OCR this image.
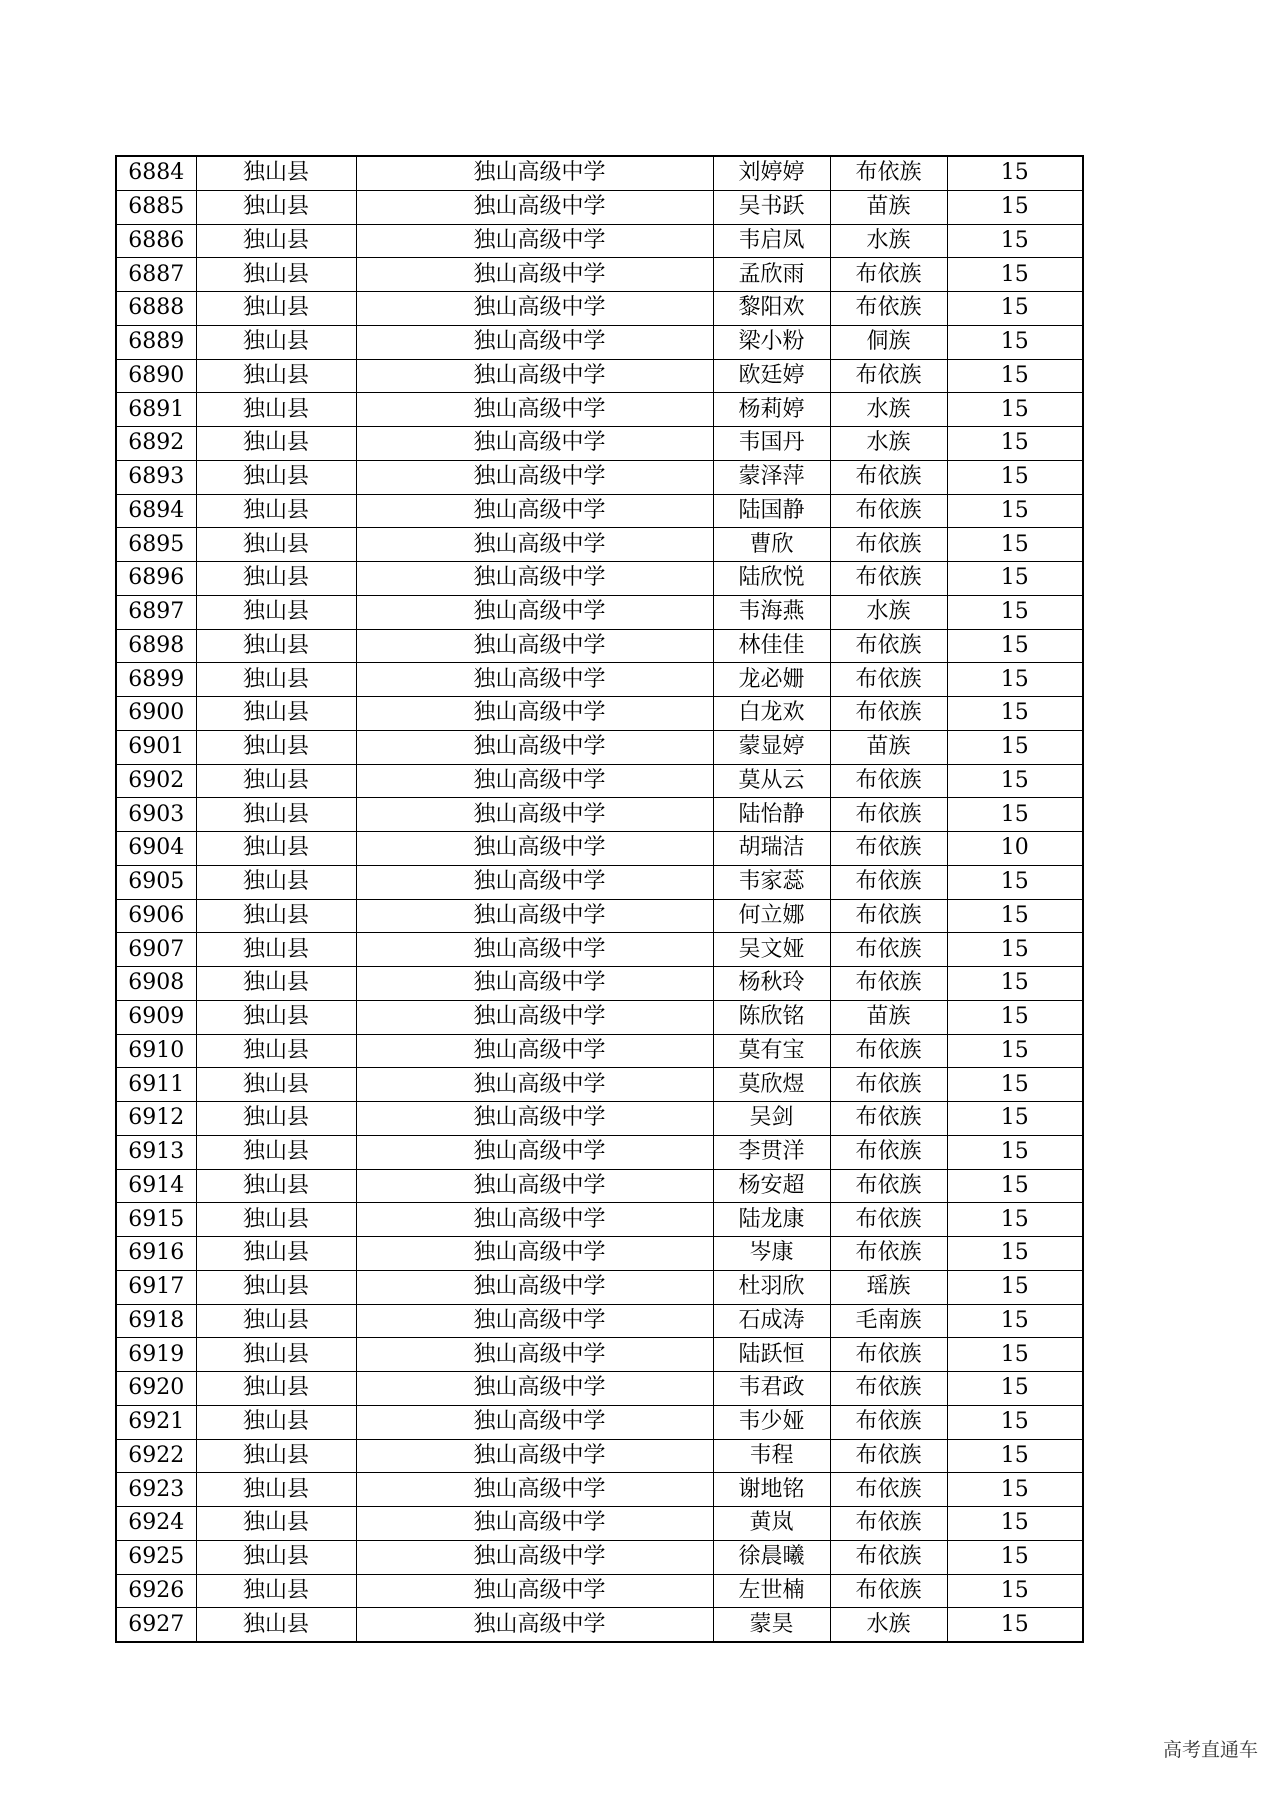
6884	独山县	独山高级中学	刘婷婷	布依族	15
6885	独山县	独山高级中学	吴书跃	苗族	15
6886	独山县	独山高级中学	韦启凤	水族	15
6887	独山县	独山高级中学	孟欣雨	布依族	15
6888	独山县	独山高级中学	黎阳欢	布依族	15
6889	独山县	独山高级中学	梁小粉	侗族	15
6890	独山县	独山高级中学	欧廷婷	布依族	15
6891	独山县	独山高级中学	杨莉婷	水族	15
6892	独山县	独山高级中学	韦国丹	水族	15
6893	独山县	独山高级中学	蒙泽萍	布依族	15
6894	独山县	独山高级中学	陆国静	布依族	15
6895	独山县	独山高级中学	曹欣	布依族	15
6896	独山县	独山高级中学	陆欣悦	布依族	15
6897	独山县	独山高级中学	韦海燕	水族	15
6898	独山县	独山高级中学	林佳佳	布依族	15
6899	独山县	独山高级中学	龙必姗	布依族	15
6900	独山县	独山高级中学	白龙欢	布依族	15
6901	独山县	独山高级中学	蒙显婷	苗族	15
6902	独山县	独山高级中学	莫从云	布依族	15
6903	独山县	独山高级中学	陆怡静	布依族	15
6904	独山县	独山高级中学	胡瑞洁	布依族	10
6905	独山县	独山高级中学	韦家蕊	布依族	15
6906	独山县	独山高级中学	何立娜	布依族	15
6907	独山县	独山高级中学	吴文娅	布依族	15
6908	独山县	独山高级中学	杨秋玲	布依族	15
6909	独山县	独山高级中学	陈欣铭	苗族	15
6910	独山县	独山高级中学	莫有宝	布依族	15
6911	独山县	独山高级中学	莫欣煜	布依族	15
6912	独山县	独山高级中学	吴剑	布依族	15
6913	独山县	独山高级中学	李贯洋	布依族	15
6914	独山县	独山高级中学	杨安超	布依族	15
6915	独山县	独山高级中学	陆龙康	布依族	15
6916	独山县	独山高级中学	岑康	布依族	15
6917	独山县	独山高级中学	杜羽欣	瑶族	15
6918	独山县	独山高级中学	石成涛	毛南族	15
6919	独山县	独山高级中学	陆跃恒	布依族	15
6920	独山县	独山高级中学	韦君政	布依族	15
6921	独山县	独山高级中学	韦少娅	布依族	15
6922	独山县	独山高级中学	韦程	布依族	15
6923	独山县	独山高级中学	谢地铭	布依族	15
6924	独山县	独山高级中学	黄岚	布依族	15
6925	独山县	独山高级中学	徐晨曦	布依族	15
6926	独山县	独山高级中学	左世楠	布依族	15
6927	独山县	独山高级中学	蒙昊	水族	15
高考直通车
